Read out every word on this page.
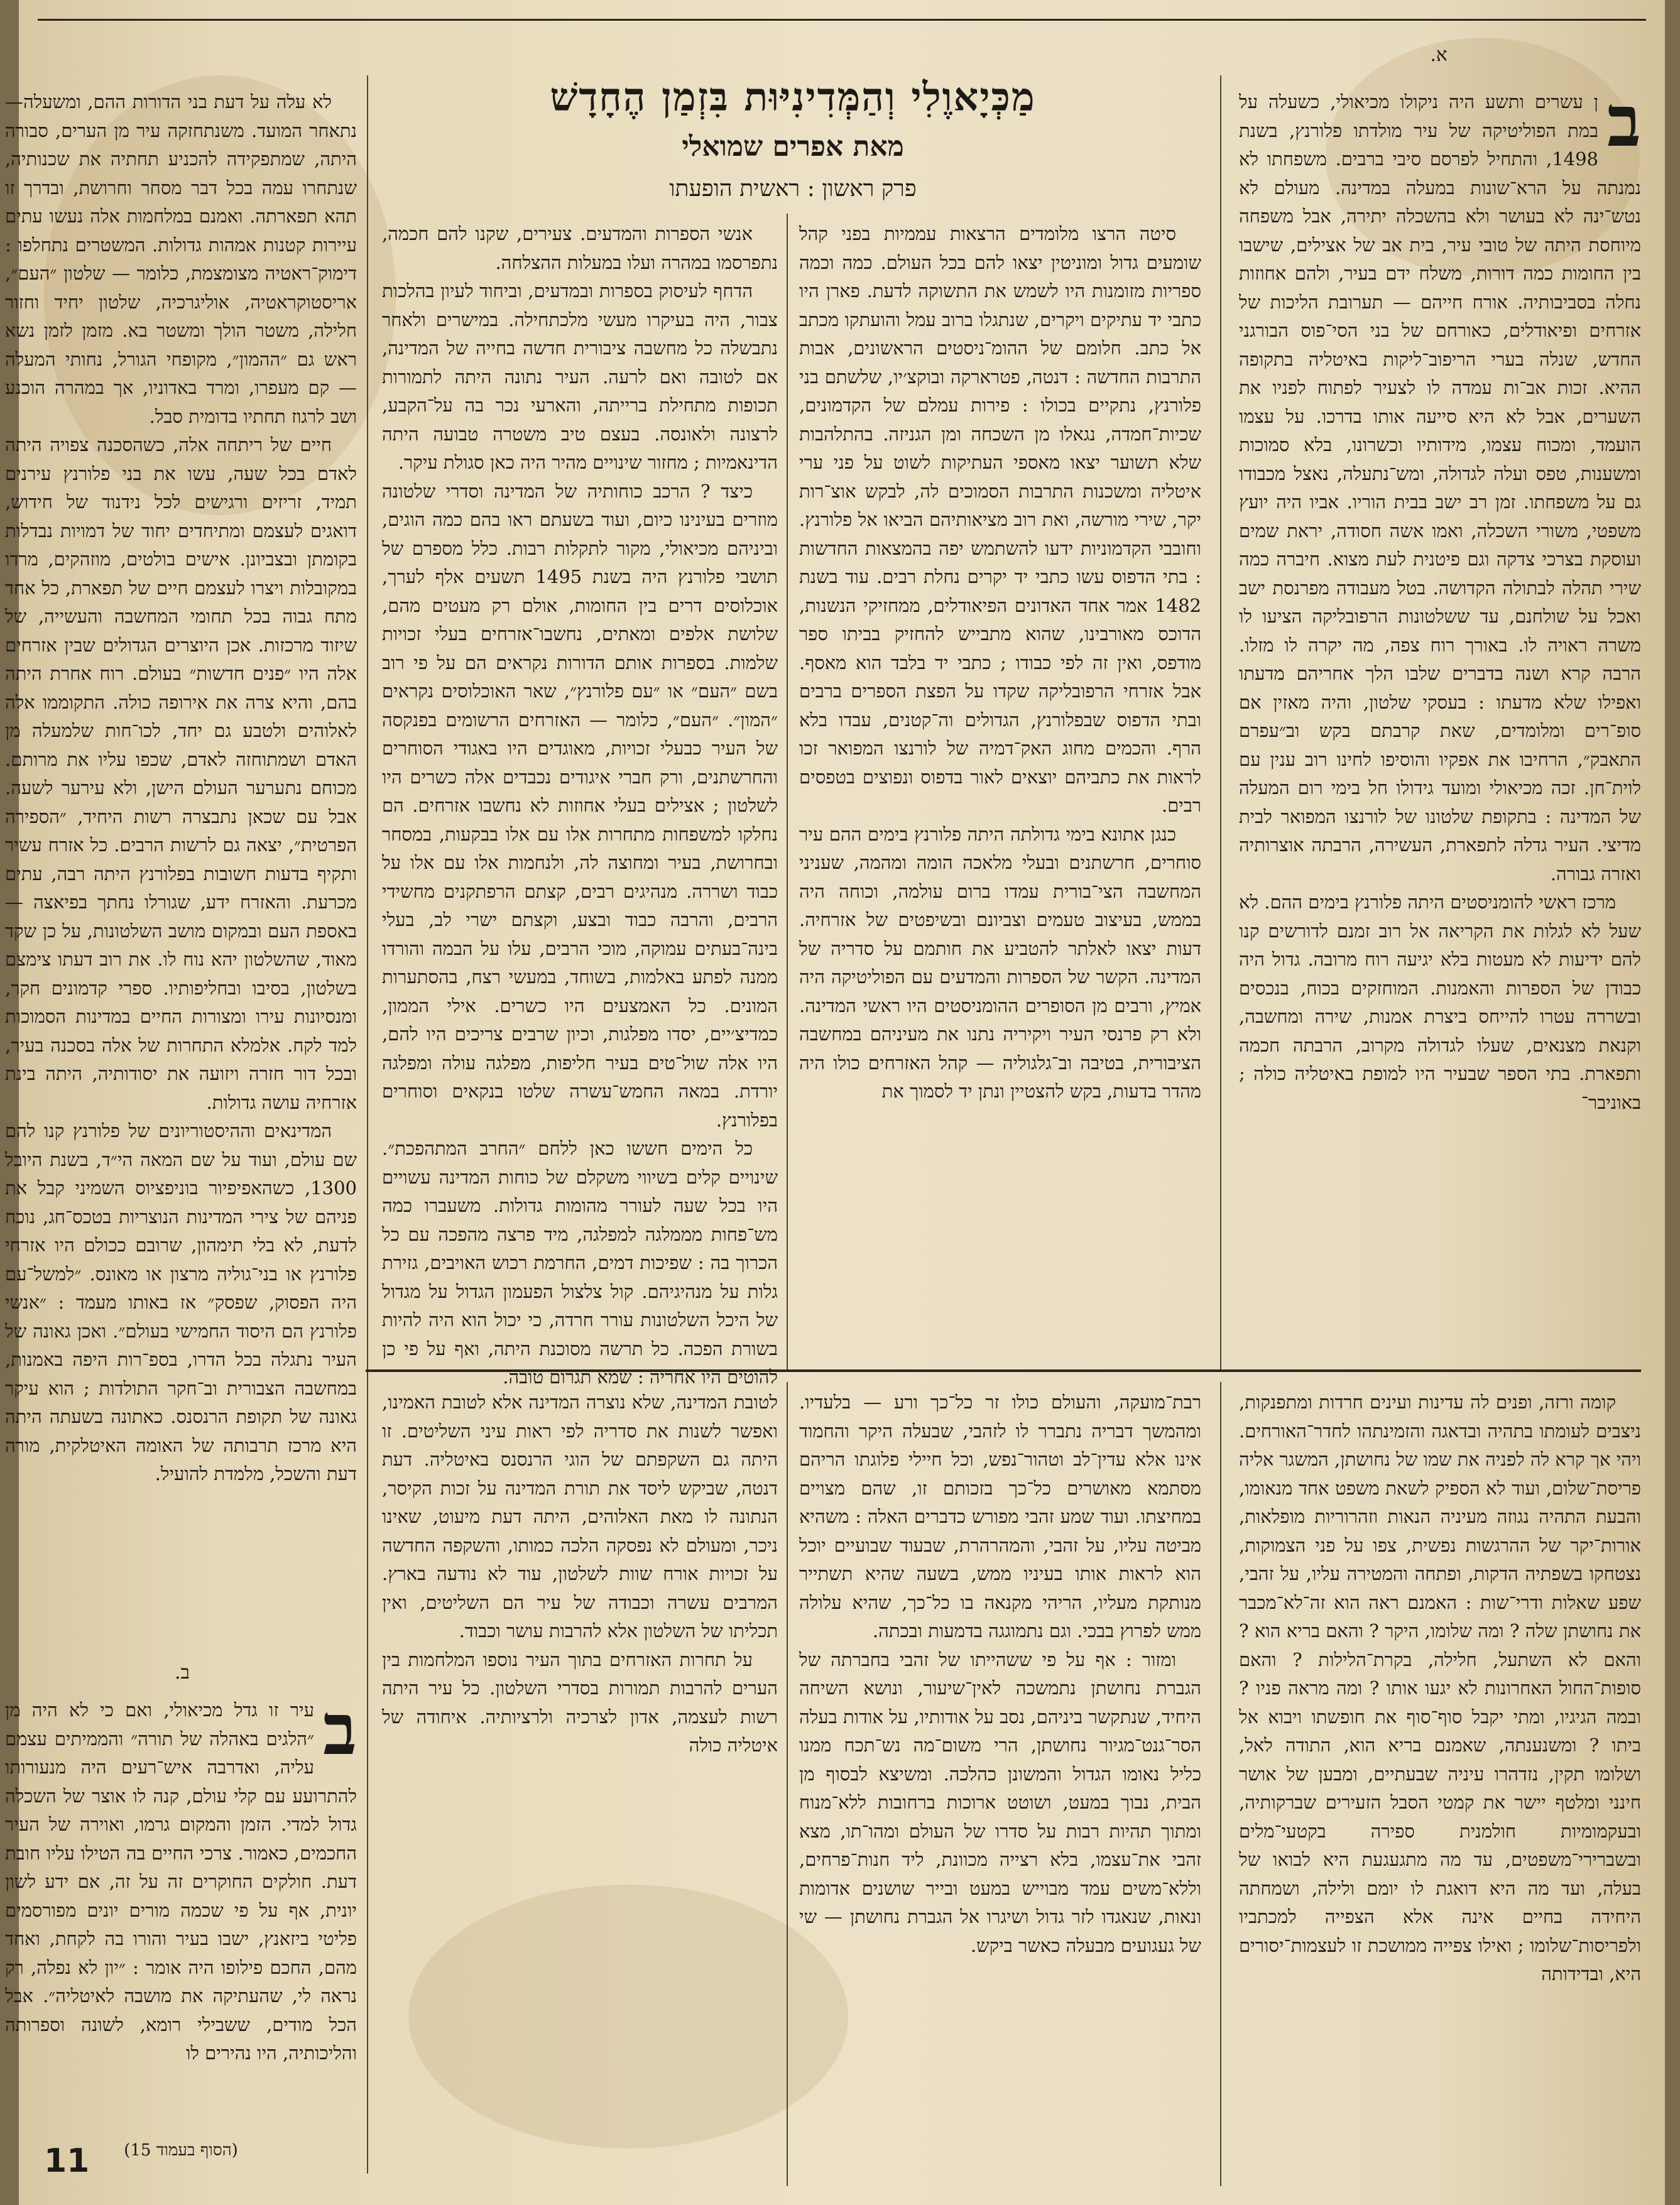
מַכְּיָאוֶלִי וְהַמְּדִינִיּוּת בִּזְמַן הֶחָדָשׁ
מאת אפרים שמואלי
פרק ראשון : ראשית הופעתו
א.

ב
ן עשרים ותשע היה ניקולו מכיאולי, כשעלה על במת הפוליטיקה של עיר מולדתו פלורנץ, בשנת 1498, והתחיל לפרסם סיבי ברבים. משפחתו לא נמנתה על הרא־שונות במעלה במדינה. מעולם לא נטש־ינה לא בעושר ולא בהשכלה יתירה, אבל משפחה מיוחסת היתה של טובי עיר, בית אב של אצילים, שישבו בין החומות כמה דורות, משלח ידם בעיר, ולהם אחוזות נחלה בסביבותיה. אורח חייהם — תערובת הליכות של אזרחים ופיאודלים, כאורחם של בני הסי־פוס הבורגני החדש, שנלה בערי הריפוב־ליקות באיטליה בתקופה ההיא. זכות אב־ות עמדה לו לצעיר לפתוח לפניו את השערים, אבל לא היא סייעה אותו בדרכו. על עצמו הועמד, ומכוח עצמו, מידותיו וכשרונו, בלא סמוכות ומשענות, טפס ועלה לגדולה, ומש־נתעלה, נאצל מכבודו גם על משפחתו. זמן רב ישב בבית הוריו. אביו היה יועץ משפטי, משורי השכלה, ואמו אשה חסודה, יראת שמים ועוסקת בצרכי צדקה וגם פיטנית לעת מצוא. חיברה כמה שירי תהלה לבתולה הקדושה. בטל מעבודה מפרנסת ישב ואכל על שולחנם, עד ששלטונות הרפובליקה הציעו לו משרה ראויה לו. באורך רוח צפה, מה יקרה לו מזלו. הרבה קרא ושנה בדברים שלבו הלך אחריהם מדעתו ואפילו שלא מדעתו : בעסקי שלטון, והיה מאזין אם סופ־רים ומלומדים, שאת קרבתם בקש וב״עפרם התאבק״, הרחיבו את אפקיו והוסיפו לחינו רוב ענין עם לוית־חן. זכה מכיאולי ומועד גידולו חל בימי רום המעלה של המדינה : בתקופת שלטונו של לורנצו המפואר לבית מדיצי. העיר גדלה לתפארת, העשירה, הרבתה אוצרותיה ואזרה גבורה.

מרכז ראשי להומניסטים היתה פלורנץ בימים ההם. לא שעל לא לגלות את הקריאה אל רוב זמנם לדורשים קנו להם ידיעות לא מעטות בלא יגיעה רוח מרובה. גדול היה כבודן של הספרות והאמנות. המוחזקים בכוח, בנכסים ובשררה עטרו להייחס ביצרת אמנות, שירה ומחשבה, וקנאת מצנאים, שעלו לגדולה מקרוב, הרבתה חכמה ותפארת. בתי הספר שבעיר היו למופת באיטליה כולה ; באוניבר־

סיטה הרצו מלומדים הרצאות עממיות בפני קהל שומעים גדול ומוניטין יצאו להם בכל העולם. כמה וכמה ספריות מזומנות היו לשמש את התשוקה לדעת. פארן היו כתבי יד עתיקים ויקרים, שנתגלו ברוב עמל והועתקו מכתב אל כתב. חלומם של ההומ־ניסטים הראשונים, אבות התרבות החדשה : דנטה, פטרארקה ובוקצ׳יו, שלשתם בני פלורנץ, נתקיים בכולו : פירות עמלם של הקדמונים, שכיות־חמדה, נגאלו מן השכחה ומן הגניזה. בהתלהבות שלא תשוער יצאו מאספי העתיקות לשוט על פני ערי איטליה ומשכנות התרבות הסמוכים לה, לבקש אוצ־רות יקר, שירי מורשה, ואת רוב מציאותיהם הביאו אל פלורנץ. וחובבי הקדמוניות ידעו להשתמש יפה בהמצאות החדשות : בתי הדפוס עשו כתבי יד יקרים נחלת רבים. עוד בשנת 1482 אמר אחד האדונים הפיאודלים, ממחזיקי הנשנות, הדוכס מאורבינו, שהוא מתבייש להחזיק בביתו ספר מודפס, ואין זה לפי כבודו ; כתבי יד בלבד הוא מאסף. אבל אזרחי הרפובליקה שקדו על הפצת הספרים ברבים ובתי הדפוס שבפלורנץ, הגדולים וה־קטנים, עבדו בלא הרף. והכמים מחוג האק־דמיה של לורנצו המפואר זכו לראות את כתביהם יוצאים לאור בדפוס ונפוצים בטפסים רבים.

כנגן אתונא בימי גדולתה היתה פלורנץ בימים ההם עיר סוחרים, חרשתנים ובעלי מלאכה הומה ומהמה, שעניני המחשבה הצי־בורית עמדו ברום עולמה, וכוחה היה בממש, בעיצוב טעמים וצביונם ובשיפטים של אזרחיה. דעות יצאו לאלתר להטביע את חותמם על סדריה של המדינה. הקשר של הספרות והמדעים עם הפוליטיקה היה אמיץ, ורבים מן הסופרים ההומניסטים היו ראשי המדינה. ולא רק פרנסי העיר ויקיריה נתנו את מעיניהם במחשבה הציבורית, בטיבה וב־גלגוליה — קהל האזרחים כולו היה מהדר בדעות, בקש להצטיין ונתן יד לסמוך את

אנשי הספרות והמדעים. צעירים, שקנו להם חכמה, נתפרסמו במהרה ועלו במעלות ההצלחה.

הדחף לעיסוק בספרות ובמדעים, וביחוד לעיון בהלכות צבור, היה בעיקרו מעשי מלכתחילה. במישרים ולאחר נתבשלה כל מחשבה ציבורית חדשה בחייה של המדינה, אם לטובה ואם לרעה. העיר נתונה היתה לתמורות תכופות מתחילת ברייתה, והארעי נכר בה על־הקבע, לרצונה ולאונסה. בעצם טיב משטרה טבועה היתה הדינאמיות ; מחזור שינויים מהיר היה כאן סגולת עיקר.

כיצד ? הרכב כוחותיה של המדינה וסדרי שלטונה מוזרים בעינינו כיום, ועוד בשעתם ראו בהם כמה הוגים, וביניהם מכיאולי, מקור לתקלות רבות. כלל מספרם של תושבי פלורנץ היה בשנת 1495 תשעים אלף לערך, אוכלוסים דרים בין החומות, אולם רק מעטים מהם, שלושת אלפים ומאתים, נחשבו־אזרחים בעלי זכויות שלמות. בספרות אותם הדורות נקראים הם על פי רוב בשם ״העם״ או ״עם פלורנץ״, שאר האוכלוסים נקראים ״המון״. ״העם״, כלומר — האזרחים הרשומים בפנקסה של העיר כבעלי זכויות, מאוגדים היו באגודי הסוחרים והחרשתנים, ורק חברי איגודים נכבדים אלה כשרים היו לשלטון ; אצילים בעלי אחוזות לא נחשבו אזרחים. הם נחלקו למשפחות מתחרות אלו עם אלו בבקעות, במסחר ובחרושת, בעיר ומחוצה לה, ולנחמות אלו עם אלו על כבוד ושררה. מנהיגים רבים, קצתם הרפתקנים מחשידי הרבים, והרבה כבוד ובצע, וקצתם ישרי לב, בעלי בינה־בעתים עמוקה, מוכי הרבים, עלו על הבמה והורדו ממנה לפתע באלמות, בשוחד, במעשי רצח, בהסתערות המונים. כל האמצעים היו כשרים. אילי הממון, כמדיצ׳יים, יסדו מפלגות, וכיון שרבים צריכים היו להם, היו אלה שול־טים בעיר חליפות, מפלגה עולה ומפלגה יורדת. במאה החמש־עשרה שלטו בנקאים וסוחרים בפלורנץ.

כל הימים חששו כאן ללחם ״החרב המתהפכת״. שינויים קלים בשיווי משקלם של כוחות המדינה עשויים היו בכל שעה לעורר מהומות גדולות. משעברו כמה מש־פחות מממלגה למפלגה, מיד פרצה מהפכה עם כל הכרוך בה : שפיכות דמים, החרמת רכוש האויבים, גזירת גלות על מנהיגיהם. קול צלצול הפעמון הגדול על מגדול של היכל השלטונות עורר חרדה, כי יכול הוא היה להיות בשורת הפכה. כל תרשה מסוכנת היתה, ואף על פי כן להוטים היו אחריה : שמא תגרום טובה.

לא עלה על דעת בני הדורות ההם, ומשעלה— נתאחר המועד. משנתחזקה עיר מן הערים, סבורה היתה, שמתפקידה להכניע תחתיה את שכנותיה, שנתחרו עמה בכל דבר מסחר וחרושת, ובדרך זו תהא תפארתה. ואמנם במלחמות אלה נעשו עתים עיירות קטנות אמהות גדולות. המשטרים נתחלפו : דימוק־ראטיה מצומצמת, כלומר — שלטון ״העם״, אריסטוקראטיה, אוליגרכיה, שלטון יחיד וחזור חלילה, משטר הולך ומשטר בא. מזמן לזמן נשא ראש גם ״ההמון״, מקופחי הגורל, נחותי המעלה — קם מעפרו, ומרד באדוניו, אך במהרה הוכנע ושב לרגוז תחתיו בדומית סבל.

חיים של ריתחה אלה, כשהסכנה צפויה היתה לאדם בכל שעה, עשו את בני פלורנץ עירנים תמיד, זריזים ורגישים לכל נידנוד של חידוש, דואגים לעצמם ומתיחדים יחוד של דמויות נבדלות בקומתן ובצביונן. אישים בולטים, מוזהקים, מרדו במקובלות ויצרו לעצמם חיים של תפארת, כל אחד מתח גבוה בכל תחומי המחשבה והעשייה, של שיזוד מרכזות. אכן היוצרים הגדולים שבין אזרחים אלה היו ״פנים חדשות״ בעולם. רוח אחרת היתה בהם, והיא צרה את אירופה כולה. התקוממו אלה לאלוהים ולטבע גם יחד, לכו־חות שלמעלה מן האדם ושמתוחזה לאדם, שכפו עליו את מרותם. מכוחם נתערער העולם הישן, ולא עירער לשעה. אבל עם שכאן נתבצרה רשות היחיד, ״הספירה הפרטית״, יצאה גם לרשות הרבים. כל אזרח עשיר ותקיף בדעות חשובות בפלורנץ היתה רבה, עתים מכרעת. והאזרח ידע, שגורלו נחתך בפיאצה — באספת העם ובמקום מושב השלטונות, על כן שקד מאוד, שהשלטון יהא נוח לו. את רוב דעתו צימצם בשלטון, בסיבו ובחליפותיו. ספרי קדמונים חקר, ומנסיונות עירו ומצורות החיים במדינות הסמוכות למד לקח. אלמלא התחרות של אלה בסכנה בעיר, ובכל דור חזרה ויזועה את יסודותיה, היתה בינת אזרחיה עושה גדולות.

המדינאים וההיסטוריונים של פלורנץ קנו להם שם עולם, ועוד על שם המאה הי״ד, בשנת היובל 1300, כשהאפיפיור בוניפציוס השמיני קבל את פניהם של צירי המדינות הנוצריות בטכס־חג, נוכח לדעת, לא בלי תימהון, שרובם ככולם היו אזרחי פלורנץ או בני־גוליה מרצון או מאונס. ״למשל־עם היה הפסוק, שפסק״ אז באותו מעמד : ״אנשי פלורנץ הם היסוד החמישי בעולם״. ואכן גאונה של העיר נתגלה בכל הדרו, בספ־רות היפה באמנות, במחשבה הצבורית וב־חקר התולדות ; הוא עיקר גאונה של תקופת הרנסנס. כאתונה בשעתה היתה היא מרכז תרבותה של האומה האיטלקית, מורה דעת והשכל, מלמדת להועיל.

ב.

ב
עיר זו גדל מכיאולי, ואם כי לא היה מן ״הלגים באהלה של תורה״ והממיתים עצמם עליה, ואדרבה איש־רעים היה מנעורותו להתרועע עם קלי עולם, קנה לו אוצר של השכלה גדול למדי. הזמן והמקום גרמו, ואוירה של העיר החכמים, כאמור. צרכי החיים בה הטילו עליו חובת דעת. חולקים החוקרים זה על זה, אם ידע לשון יונית, אף על פי שכמה מורים יונים מפורסמים פליטי ביזאנץ, ישבו בעיר והורו בה לקחת, ואחד מהם, החכם פילופו היה אומר : ״יון לא נפלה, רק נראה לי, שהעתיקה את מושבה לאיטליה״. אבל הכל מודים, ששבילי רומא, לשונה וספרותה והליכותיה, היו נהירים לו

(הסוף בעמוד 15)

קומה ורזה, ופנים לה עדינות ועינים חרדות ומתפנקות, ניצבים לעומתו בתהיה ובדאגה והזמינתהו לחדר־האורחים. ויהי אך קרא לה לפניה את שמו של נחושתן, המשגר אליה פריסת־שלום, ועוד לא הספיק לשאת משפט אחד מנאומו, והבעת התהיה נגוזה מעיניה הנאות וזהרוריות מופלאות, אורות־יקר של ההרגשות נפשית, צפו על פני הצמוקות, נצטחקו בשפתיה הדקות, ופתחה והמטירה עליו, על זהבי, שפע שאלות ודרי־שות : האמנם ראה הוא זה־לא־מכבר את נחושתן שלה ? ומה שלומו, היקר ? והאם בריא הוא ? והאם לא השתעל, חלילה, בקרת־הלילות ? והאם סופות־החול האחרונות לא יגעו אותו ? ומה מראה פניו ? ובמה הגיגיו, ומתי יקבל סוף־סוף את חופשתו ויבוא אל ביתו ? ומשנענתה, שאמנם בריא הוא, התודה לאל, ושלומו תקין, נזדהרו עיניה שבעתיים, ומבען של אושר חינני ומלטף יישר את קמטי הסבל הזעירים שברקותיה, ובעקמומיות חולמנית ספירה בקטעי־מלים ובשברירי־משפטים, עד מה מתגעגעת היא לבואו של בעלה, ועד מה היא דואגת לו יומם ולילה, ושמחתה היחידה בחיים אינה אלא הצפייה למכתביו ולפריסות־שלומו ; ואילו צפייה ממושכת זו לעצמות־יסורים היא, ובדידותה

רבת־מועקה, והעולם כולו זר כל־כך ורע — בלעדיו. ומהמשך דבריה נתברר לו לזהבי, שבעלה היקר והחמוד אינו אלא עדין־לב וטהור־נפש, וכל חיילי פלוגתו הריהם מסתמא מאושרים כל־כך בזכותם זו, שהם מצויים במחיצתו. ועוד שמע זהבי מפורש כדברים האלה : משהיא מביטה עליו, על זהבי, והמהרהרת, שבעוד שבועיים יוכל הוא לראות אותו בעיניו ממש, בשעה שהיא תשתייר מנותקת מעליו, הריהי מקנאה בו כל־כך, שהיא עלולה ממש לפרוץ בבכי. וגם נתמוגגה בדמעות ובכתה.

ומזור : אף על פי ששהייתו של זהבי בחברתה של הגברת נחושתן נתמשכה לאין־שיעור, ונושא השיחה היחיד, שנתקשר ביניהם, נסב על אודותיו, על אודות בעלה הסר־גנט־מגיור נחושתן, הרי משום־מה נש־תכח ממנו כליל נאומו הגדול והמשונן כהלכה. ומשיצא לבסוף מן הבית, נבוך במעט, ושוטט ארוכות ברחובות ללא־מנוח ומתוך תהיות רבות על סדרו של העולם ומהו־תו, מצא זהבי את־עצמו, בלא רצייה מכוונת, ליד חנות־פרחים, וללא־משים עמד מבוייש במעט ובייר שושנים אדומות ונאות, שנאגדו לזר גדול ושיגרו אל הגברת נחושתן — שי של געגועים מבעלה כאשר ביקש.

לטובת המדינה, שלא נוצרה המדינה אלא לטובת האמינו, ואפשר לשנות את סדריה לפי ראות עיני השליטים. זו היתה גם השקפתם של הוגי הרנסנס באיטליה. דעת דנטה, שביקש ליסד את תורת המדינה על זכות הקיסר, הנתונה לו מאת האלוהים, היתה דעת מיעוט, שאינו ניכר, ומעולם לא נפסקה הלכה כמותו, והשקפה החדשה על זכויות אורח שוות לשלטון, עוד לא נודעה בארץ. המרבים עשרה וכבודה של עיר הם השליטים, ואין תכליתו של השלטון אלא להרבות עושר וכבוד.

על תחרות האזרחים בתוך העיר נוספו המלחמות בין הערים להרבות תמורות בסדרי השלטון. כל עיר היתה רשות לעצמה, אדון לצרכיה ולרציותיה. איחודה של איטליה כולה

11
